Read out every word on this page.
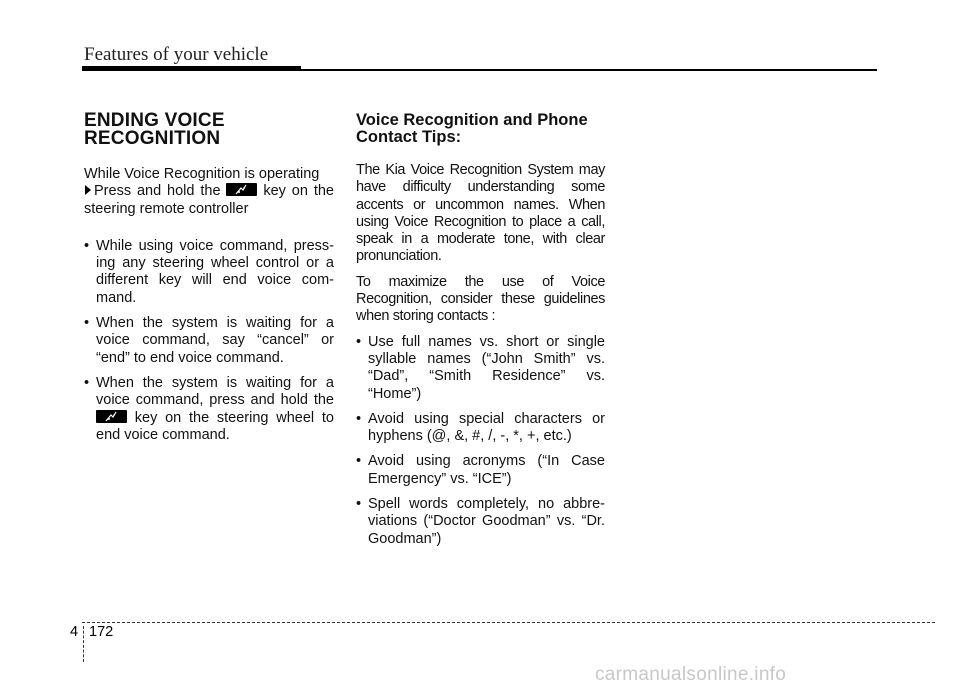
Features of your vehicle
ENDING VOICE
RECOGNITION
While Voice Recognition is operating
Press and hold the	key on the steering remote controller
• While using voice command, press-ing any steering wheel control or a different key will end voice com-mand.
• When the system is waiting for a voice command, say “cancel” or “end” to end voice command.
• When the system is waiting for a voice command, press and hold the
key on the steering wheel to end voice command.
Voice Recognition and Phone
Contact Tips:
The Kia Voice Recognition System may have difficulty understanding some accents or uncommon names. When using Voice Recognition to place a call, speak in a moderate tone, with clear pronunciation.
To maximize the use of Voice Recognition, consider these guidelines when storing contacts :
• Use full names vs. short or single syllable names (“John Smith” vs. “Dad”, “Smith Residence” vs. “Home”)
• Avoid using special characters or hyphens (@, &, #, /, -, *, +, etc.)
• Avoid using acronyms (“In Case Emergency” vs. “ICE”)
• Spell words completely, no abbre-viations (“Doctor Goodman” vs. “Dr. Goodman”)
4 172
carmanualsonline.info
